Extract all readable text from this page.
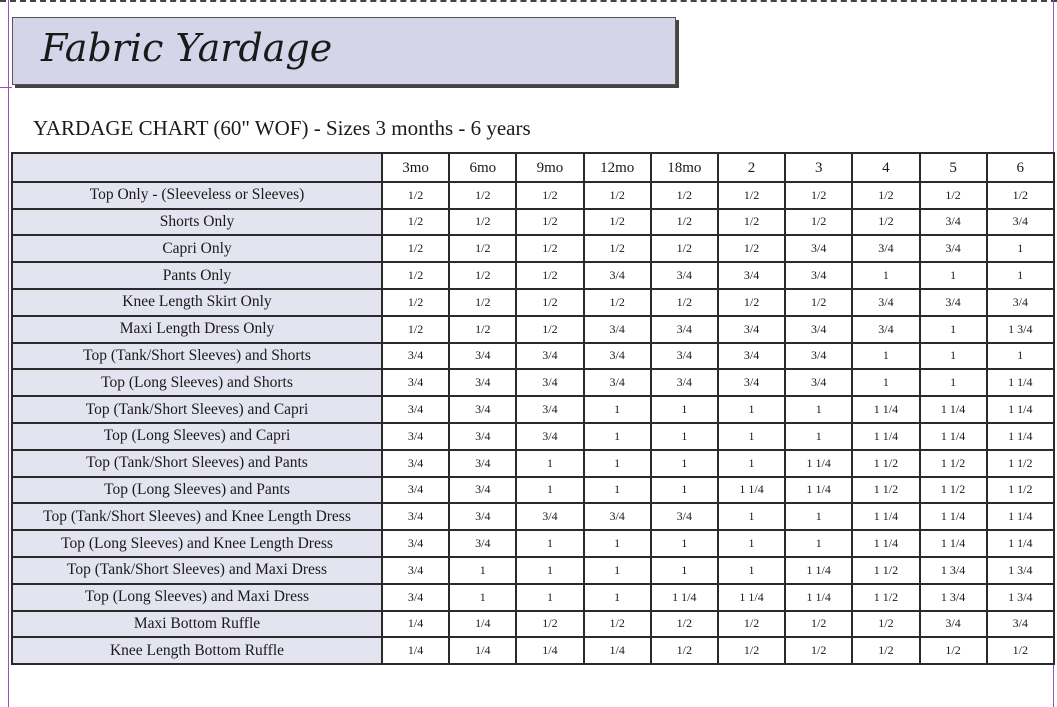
Fabric Yardage
YARDAGE CHART (60" WOF) - Sizes 3 months - 6 years
	3mo	6mo	9mo	12mo	18mo	2	3	4	5	6
Top Only - (Sleeveless or Sleeves)	1/2	1/2	1/2	1/2	1/2	1/2	1/2	1/2	1/2	1/2
Shorts Only	1/2	1/2	1/2	1/2	1/2	1/2	1/2	1/2	3/4	3/4
Capri Only	1/2	1/2	1/2	1/2	1/2	1/2	3/4	3/4	3/4	1
Pants Only	1/2	1/2	1/2	3/4	3/4	3/4	3/4	1	1	1
Knee Length Skirt Only	1/2	1/2	1/2	1/2	1/2	1/2	1/2	3/4	3/4	3/4
Maxi Length Dress Only	1/2	1/2	1/2	3/4	3/4	3/4	3/4	3/4	1	1 3/4
Top (Tank/Short Sleeves) and Shorts	3/4	3/4	3/4	3/4	3/4	3/4	3/4	1	1	1
Top (Long Sleeves) and Shorts	3/4	3/4	3/4	3/4	3/4	3/4	3/4	1	1	1 1/4
Top (Tank/Short Sleeves) and Capri	3/4	3/4	3/4	1	1	1	1	1 1/4	1 1/4	1 1/4
Top (Long Sleeves) and Capri	3/4	3/4	3/4	1	1	1	1	1 1/4	1 1/4	1 1/4
Top (Tank/Short Sleeves) and Pants	3/4	3/4	1	1	1	1	1 1/4	1 1/2	1 1/2	1 1/2
Top (Long Sleeves) and Pants	3/4	3/4	1	1	1	1 1/4	1 1/4	1 1/2	1 1/2	1 1/2
Top (Tank/Short Sleeves) and Knee Length Dress	3/4	3/4	3/4	3/4	3/4	1	1	1 1/4	1 1/4	1 1/4
Top (Long Sleeves) and Knee Length Dress	3/4	3/4	1	1	1	1	1	1 1/4	1 1/4	1 1/4
Top (Tank/Short Sleeves) and Maxi Dress	3/4	1	1	1	1	1	1 1/4	1 1/2	1 3/4	1 3/4
Top (Long Sleeves) and Maxi Dress	3/4	1	1	1	1 1/4	1 1/4	1 1/4	1 1/2	1 3/4	1 3/4
Maxi Bottom Ruffle	1/4	1/4	1/2	1/2	1/2	1/2	1/2	1/2	3/4	3/4
Knee Length Bottom Ruffle	1/4	1/4	1/4	1/4	1/2	1/2	1/2	1/2	1/2	1/2
